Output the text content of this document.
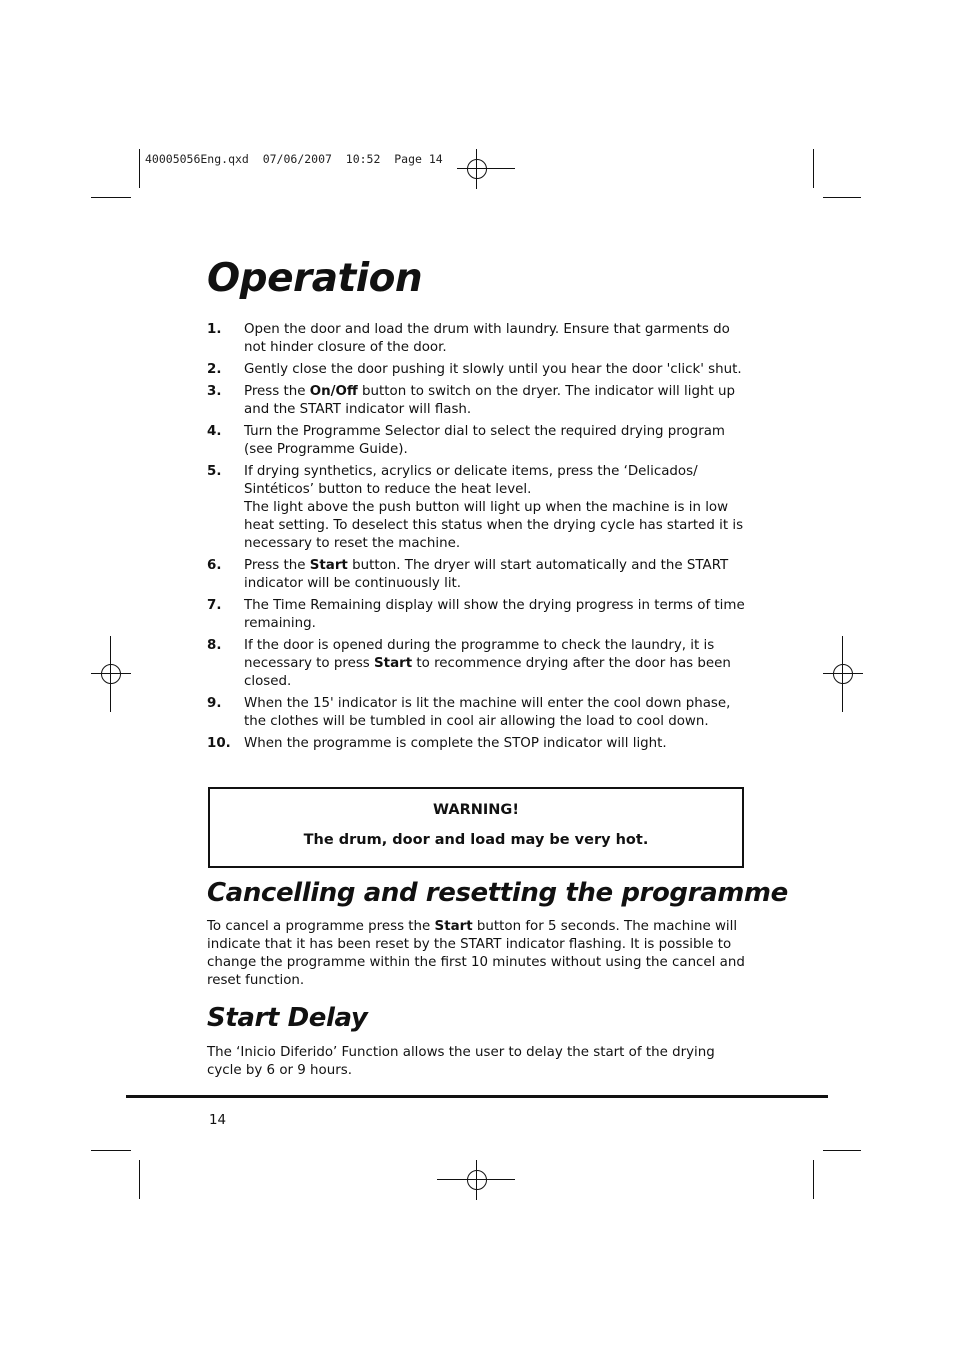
40005056Eng.qxd  07/06/2007  10:52  Page 14
Operation
1. Open the door and load the drum with laundry. Ensure that garments do not hinder closure of the door.
2. Gently close the door pushing it slowly until you hear the door 'click' shut.
3. Press the On/Off button to switch on the dryer. The indicator will light up and the START indicator will flash.
4. Turn the Programme Selector dial to select the required drying program (see Programme Guide).
5. If drying synthetics, acrylics or delicate items, press the ‘Delicados/ Sintéticos’ button to reduce the heat level.
The light above the push button will light up when the machine is in low heat setting. To deselect this status when the drying cycle has started it is necessary to reset the machine.
6. Press the Start button. The dryer will start automatically and the START indicator will be continuously lit.
7. The Time Remaining display will show the drying progress in terms of time remaining.
8. If the door is opened during the programme to check the laundry, it is necessary to press Start to recommence drying after the door has been closed.
9. When the 15' indicator is lit the machine will enter the cool down phase, the clothes will be tumbled in cool air allowing the load to cool down.
10. When the programme is complete the STOP indicator will light.
WARNING!
The drum, door and load may be very hot.
Cancelling and resetting the programme

To cancel a programme press the Start button for 5 seconds. The machine will indicate that it has been reset by the START indicator flashing. It is possible to change the programme within the first 10 minutes without using the cancel and reset function.

Start Delay

The ‘Inicio Diferido’ Function allows the user to delay the start of the drying cycle by 6 or 9 hours.

14
